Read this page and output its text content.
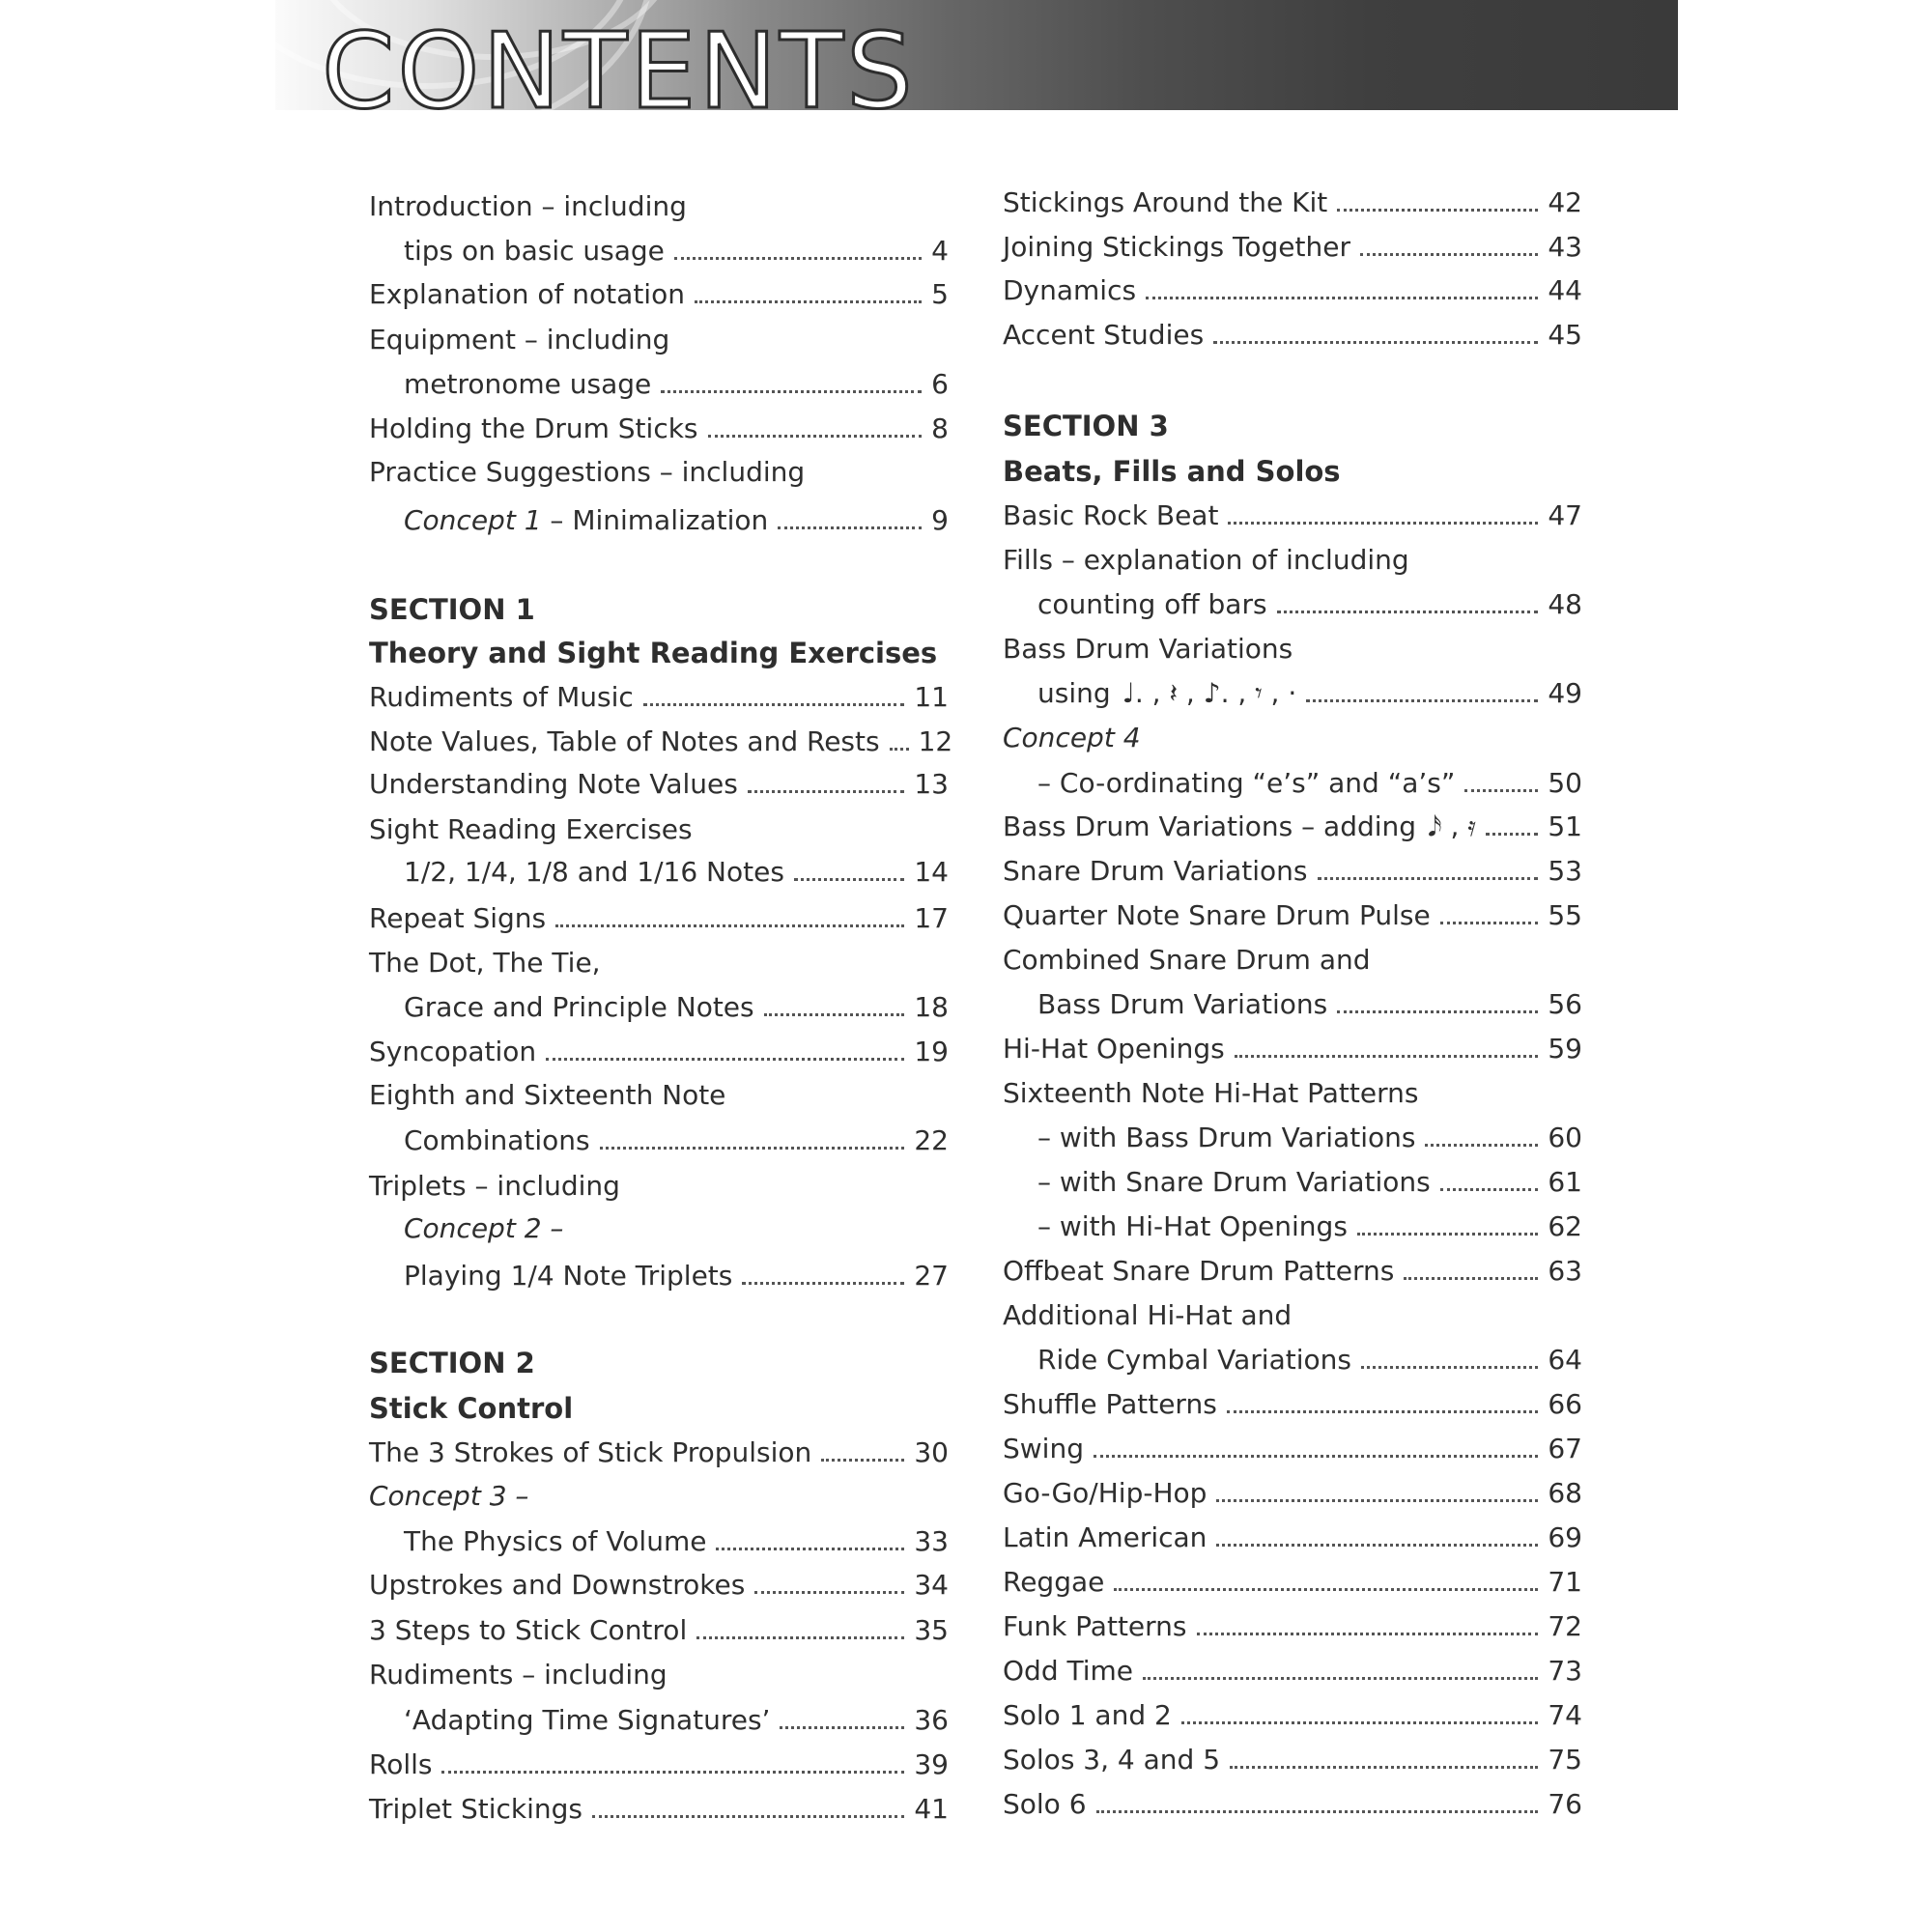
CONTENTS
Introduction – including
tips on basic usage	4
Explanation of notation	5
Equipment – including
metronome usage	6
Holding the Drum Sticks	8
Practice Suggestions – including
Concept 1 – Minimalization	9
SECTION 1
Theory and Sight Reading Exercises
Rudiments of Music	11
Note Values, Table of Notes and Rests	12
Understanding Note Values	13
Sight Reading Exercises
1/2, 1/4, 1/8 and 1/16 Notes	14
Repeat Signs	17
The Dot, The Tie,
Grace and Principle Notes	18
Syncopation	19
Eighth and Sixteenth Note
Combinations	22
Triplets – including
Concept 2 –
Playing 1/4 Note Triplets	27
SECTION 2
Stick Control
The 3 Strokes of Stick Propulsion	30
Concept 3 –
The Physics of Volume	33
Upstrokes and Downstrokes	34
3 Steps to Stick Control	35
Rudiments – including
‘Adapting Time Signatures’	36
Rolls	39
Triplet Stickings	41
Stickings Around the Kit	42
Joining Stickings Together	43
Dynamics	44
Accent Studies	45
SECTION 3
Beats, Fills and Solos
Basic Rock Beat	47
Fills – explanation of including
counting off bars	48
Bass Drum Variations
using ♩. , 𝄽 , ♪. , 𝄾 , ·	49
Concept 4
– Co-ordinating “e’s” and “a’s”	50
Bass Drum Variations – adding 𝅘𝅥𝅯 , 𝄿	51
Snare Drum Variations	53
Quarter Note Snare Drum Pulse	55
Combined Snare Drum and
Bass Drum Variations	56
Hi-Hat Openings	59
Sixteenth Note Hi-Hat Patterns
– with Bass Drum Variations	60
– with Snare Drum Variations	61
– with Hi-Hat Openings	62
Offbeat Snare Drum Patterns	63
Additional Hi-Hat and
Ride Cymbal Variations	64
Shuffle Patterns	66
Swing	67
Go-Go/Hip-Hop	68
Latin American	69
Reggae	71
Funk Patterns	72
Odd Time	73
Solo 1 and 2	74
Solos 3, 4 and 5	75
Solo 6	76
